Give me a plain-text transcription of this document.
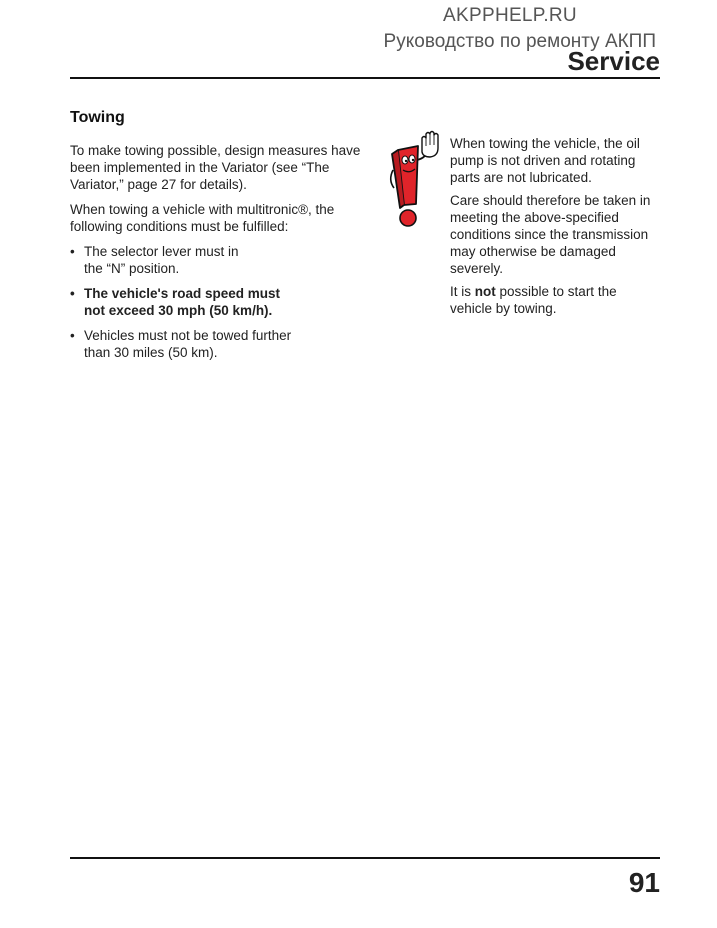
AKPPHELP.RU
Руководство по ремонту АКПП
Service
Towing

To make towing possible, design measures have been implemented in the Variator (see “The Variator,” page 27 for details).

When towing a vehicle with multitronic®, the following conditions must be fulfilled:

• The selector lever must in
the “N” position.
• The vehicle's road speed must
not exceed 30 mph (50 km/h).
• Vehicles must not be towed further
than 30 miles (50 km).

When towing the vehicle, the oil pump is not driven and rotating parts are not lubricated.

Care should therefore be taken in meeting the above-specified conditions since the transmission may otherwise be damaged severely.

It is not possible to start the vehicle by towing.

91
